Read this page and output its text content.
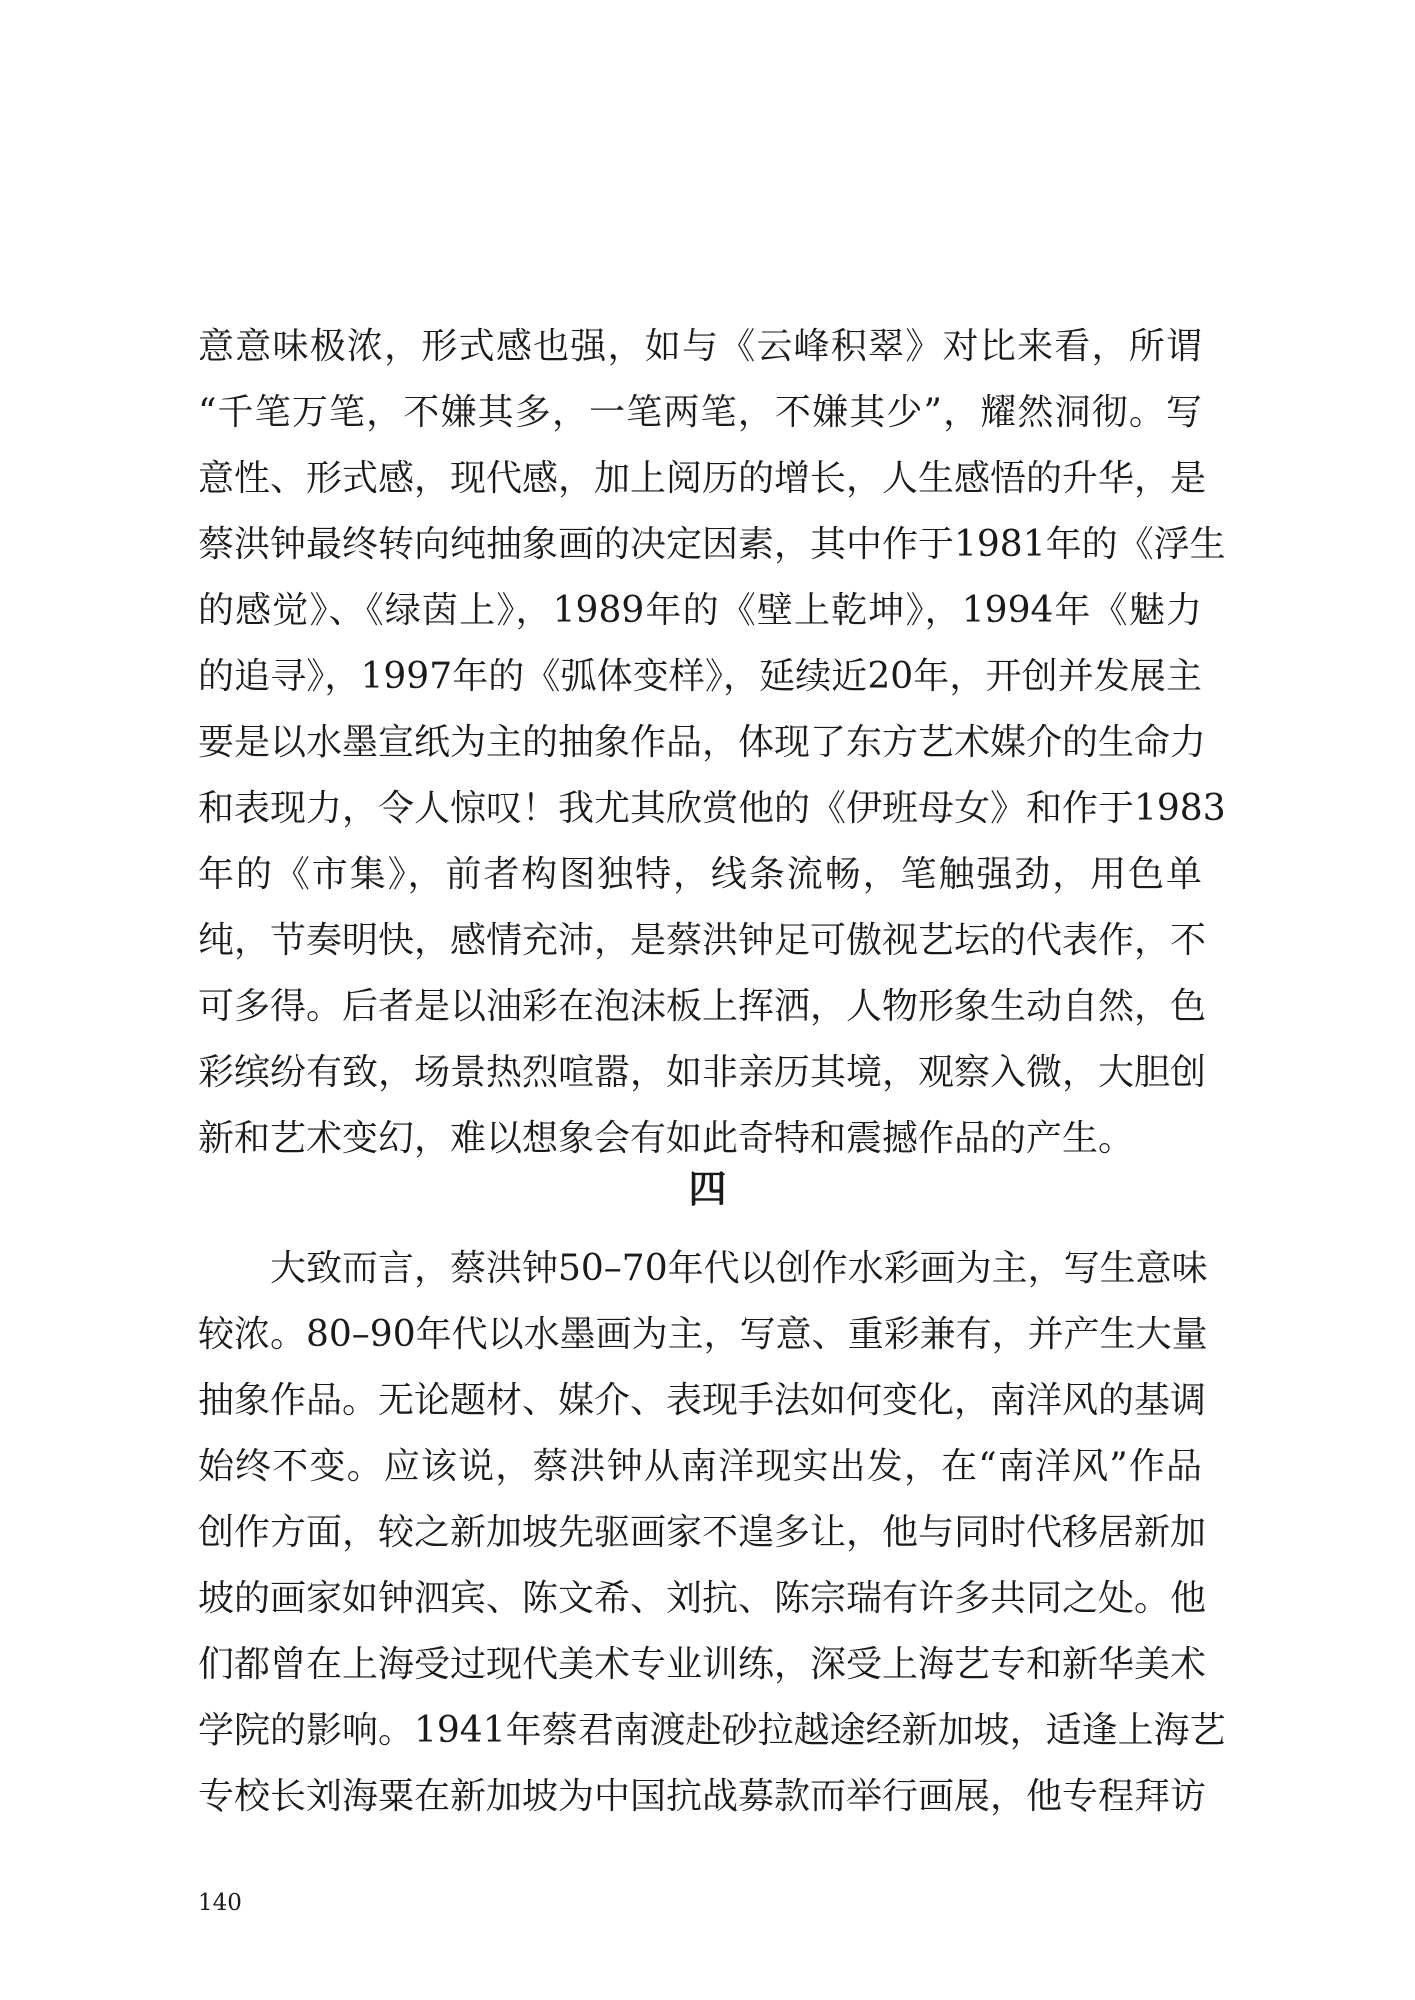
意意味极浓，形式感也强，如与《云峰积翠》对比来看，所谓
“千笔万笔，不嫌其多，一笔两笔，不嫌其少”，耀然洞彻。写
意性、形式感，现代感，加上阅历的增长，人生感悟的升华，是
蔡洪钟最终转向纯抽象画的决定因素，其中作于1981年的《浮生
的感觉》、《绿茵上》，1989年的《壁上乾坤》，1994年《魅力
的追寻》，1997年的《弧体变样》，延续近20年，开创并发展主
要是以水墨宣纸为主的抽象作品，体现了东方艺术媒介的生命力
和表现力，令人惊叹！我尤其欣赏他的《伊班母女》和作于1983
年的《市集》，前者构图独特，线条流畅，笔触强劲，用色单
纯，节奏明快，感情充沛，是蔡洪钟足可傲视艺坛的代表作，不
可多得。后者是以油彩在泡沫板上挥洒，人物形象生动自然，色
彩缤纷有致，场景热烈喧嚣，如非亲历其境，观察入微，大胆创
新和艺术变幻，难以想象会有如此奇特和震撼作品的产生。
四
　　大致而言，蔡洪钟50–70年代以创作水彩画为主，写生意味
较浓。80–90年代以水墨画为主，写意、重彩兼有，并产生大量
抽象作品。无论题材、媒介、表现手法如何变化，南洋风的基调
始终不变。应该说，蔡洪钟从南洋现实出发，在“南洋风”作品
创作方面，较之新加坡先驱画家不遑多让，他与同时代移居新加
坡的画家如钟泗宾、陈文希、刘抗、陈宗瑞有许多共同之处。他
们都曾在上海受过现代美术专业训练，深受上海艺专和新华美术
学院的影响。1941年蔡君南渡赴砂拉越途经新加坡，适逢上海艺
专校长刘海粟在新加坡为中国抗战募款而举行画展，他专程拜访
140
